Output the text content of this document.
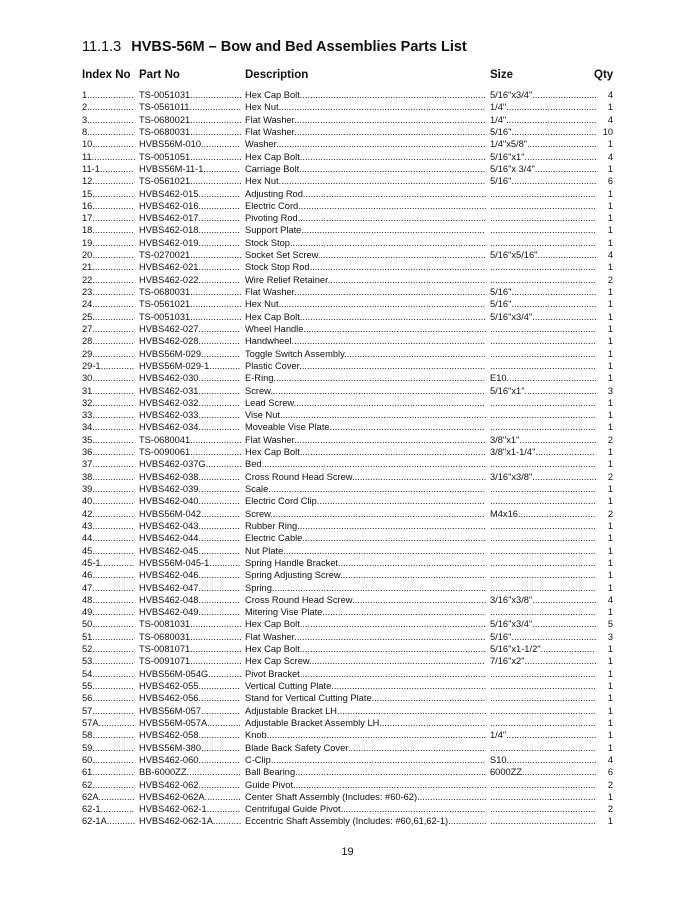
11.1.3 HVBS-56M – Bow and Bed Assemblies Parts List
Index No Part No	Description	Size	Qty
1.................. TS-0051031.................... Hex Cap Bolt........................................................................ 5/16"x3/4".........................	4
2.................. TS-0561011.................... Hex Nut................................................................................ 1/4"...................................	1
3.................. TS-0680021.................... Flat Washer.......................................................................... 1/4"...................................	4
8.................. TS-0680031.................... Flat Washer.......................................................................... 5/16"................................. 10
10................ HVBS56M-010............... Washer................................................................................. 1/4"x5/8"...........................	1
11................. TS-0051051.................... Hex Cap Bolt........................................................................ 5/16"x1"............................	4
11-1............. HVBS56M-11-1.............. Carriage Bolt........................................................................ 5/16"x 3/4"........................	1
12................ TS-0561021.................... Hex Nut................................................................................ 5/16".................................	6
15................ HVBS462-015................ Adjusting Rod....................................................................... .........................................	1
16................ HVBS462-016................ Electric Cord......................................................................... .........................................	1
17................ HVBS462-017................ Pivoting Rod......................................................................... .........................................	1
18................ HVBS462-018................ Support Plate....................................................................... .........................................	1
19................ HVBS462-019................ Stock Stop............................................................................ .........................................	1
20................ TS-0270021.................... Socket Set Screw................................................................. 5/16"x5/16".......................	4
21................ HVBS462-021................ Stock Stop Rod.................................................................... .........................................	1
22................ HVBS462-022................ Wire Relief Retainer............................................................. .........................................	2
23................ TS-0680031.................... Flat Washer.......................................................................... 5/16".................................	1
24................ TS-0561021.................... Hex Nut................................................................................ 5/16".................................	1
25................ TS-0051031.................... Hex Cap Bolt........................................................................ 5/16"x3/4".........................	1
27................ HVBS462-027................ Wheel Handle....................................................................... .........................................	1
28................ HVBS462-028................ Handwheel........................................................................... .........................................	1
29................ HVBS56M-029............... Toggle Switch Assembly....................................................... .........................................	1
29-1............. HVBS56M-029-1............ Plastic Cover........................................................................ .........................................	1
30................ HVBS462-030................ E-Ring.................................................................................. E10...................................	1
31................ HVBS462-031................ Screw................................................................................... 5/16"x1"............................	3
32................ HVBS462-032................ Lead Screw.......................................................................... .........................................	1
33................ HVBS462-033................ Vise Nut................................................................................ .........................................	1
34................ HVBS462-034................ Moveable Vise Plate............................................................ .........................................	1
35................ TS-0680041.................... Flat Washer.......................................................................... 3/8"x1"..............................	2
36................ TS-0090061.................... Hex Cap Bolt........................................................................ 3/8"x1-1/4".......................	1
37................ HVBS462-037G.............. Bed....................................................................................... .........................................	1
38................ HVBS462-038................ Cross Round Head Screw.................................................... 3/16"x3/8".........................	2
39................ HVBS462-039................ Scale.................................................................................... .........................................	1
40................ HVBS462-040................ Electric Cord Clip................................................................. .........................................	1
42................ HVBS56M-042............... Screw................................................................................... M4x16..............................	2
43................ HVBS462-043................ Rubber Ring......................................................................... .........................................	1
44................ HVBS462-044................ Electric Cable....................................................................... .........................................	1
45................ HVBS462-045................ Nut Plate.............................................................................. .........................................	1
45-1............. HVBS56M-045-1............ Spring Handle Bracket......................................................... .........................................	1
46................ HVBS462-046................ Spring Adjusting Screw........................................................ .........................................	1
47................ HVBS462-047................ Spring................................................................................... .........................................	1
48................ HVBS462-048................ Cross Round Head Screw.................................................... 3/16"x3/8".........................	4
49................ HVBS462-049................ Mitering Vise Plate............................................................... .........................................	1
50................ TS-0081031.................... Hex Cap Bolt........................................................................ 5/16"x3/4".........................	5
51................ TS-0680031.................... Flat Washer.......................................................................... 5/16".................................	3
52................ TS-0081071.................... Hex Cap Bolt........................................................................ 5/16"x1-1/2".....................	1
53................ TS-0091071.................... Hex Cap Screw.................................................................... 7/16"x2"............................	1
54................ HVBS56M-054G............. Pivot Bracket........................................................................ .........................................	1
55................ HVBS462-055................ Vertical Cutting Plate............................................................ .........................................	1
56................ HVBS462-056................ Stand for Vertical Cutting Plate............................................ .........................................	1
57................ HVBS56M-057............... Adjustable Bracket LH.......................................................... .........................................	1
57A.............. HVBS56M-057A............. Adjustable Bracket Assembly LH......................................... .........................................	1
58................ HVBS462-058................ Knob..................................................................................... 1/4"...................................	1
59................ HVBS56M-380............... Blade Back Safety Cover..................................................... .........................................	1
60................ HVBS462-060................ C-Clip................................................................................... S10...................................	4
61................ BB-6000ZZ..................... Ball Bearing.......................................................................... 6000ZZ.............................	6
62................ HVBS462-062................ Guide Pivot........................................................................... .........................................	2
62A.............. HVBS462-062A.............. Center Shaft Assembly (Includes: #60-62)........................... .........................................	1
62-1............. HVBS462-062-1............. Centrifugal Guide Pivot........................................................ .........................................	2
62-1A........... HVBS462-062-1A........... Eccentric Shaft Assembly (Includes: #60,61,62-1)............... .........................................	1
19
